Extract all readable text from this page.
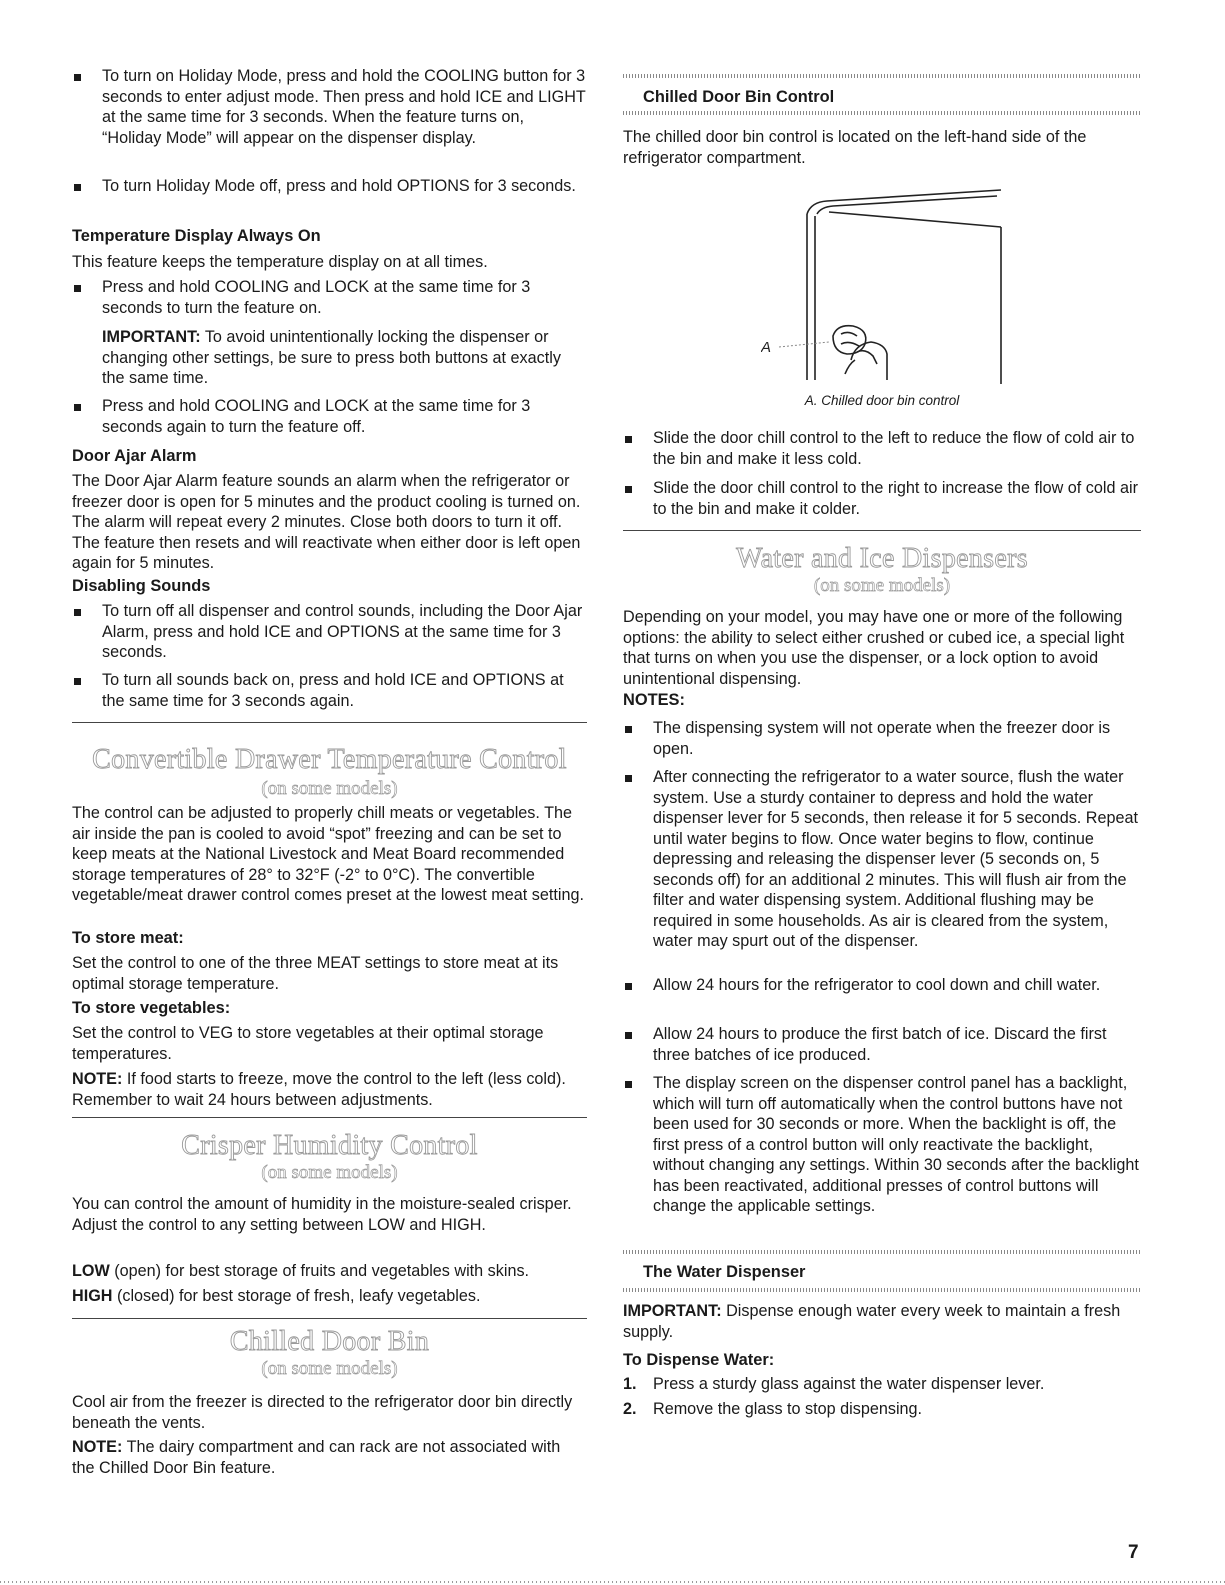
To turn on Holiday Mode, press and hold the COOLING button for 3 seconds to enter adjust mode. Then press and hold ICE and LIGHT at the same time for 3 seconds. When the feature turns on, “Holiday Mode” will appear on the dispenser display.
To turn Holiday Mode off, press and hold OPTIONS for 3 seconds.
Temperature Display Always On

This feature keeps the temperature display on at all times.

Press and hold COOLING and LOCK at the same time for 3 seconds to turn the feature on.
IMPORTANT: To avoid unintentionally locking the dispenser or changing other settings, be sure to press both buttons at exactly the same time.
Press and hold COOLING and LOCK at the same time for 3 seconds again to turn the feature off.
Door Ajar Alarm

The Door Ajar Alarm feature sounds an alarm when the refrigerator or freezer door is open for 5 minutes and the product cooling is turned on. The alarm will repeat every 2 minutes. Close both doors to turn it off. The feature then resets and will reactivate when either door is left open again for 5 minutes.

Disabling Sounds
To turn off all dispenser and control sounds, including the Door Ajar Alarm, press and hold ICE and OPTIONS at the same time for 3 seconds.
To turn all sounds back on, press and hold ICE and OPTIONS at the same time for 3 seconds again.
Convertible Drawer Temperature Control
(on some models)

The control can be adjusted to properly chill meats or vegetables. The air inside the pan is cooled to avoid “spot” freezing and can be set to keep meats at the National Livestock and Meat Board recommended storage temperatures of 28° to 32°F (-2° to 0°C). The convertible vegetable/meat drawer control comes preset at the lowest meat setting.

To store meat:

Set the control to one of the three MEAT settings to store meat at its optimal storage temperature.

To store vegetables:

Set the control to VEG to store vegetables at their optimal storage temperatures.

NOTE: If food starts to freeze, move the control to the left (less cold). Remember to wait 24 hours between adjustments.

Crisper Humidity Control
(on some models)

You can control the amount of humidity in the moisture-sealed crisper. Adjust the control to any setting between LOW and HIGH.

LOW (open) for best storage of fruits and vegetables with skins.

HIGH (closed) for best storage of fresh, leafy vegetables.

Chilled Door Bin
(on some models)

Cool air from the freezer is directed to the refrigerator door bin directly beneath the vents.

NOTE: The dairy compartment and can rack are not associated with the Chilled Door Bin feature.

Chilled Door Bin Control

The chilled door bin control is located on the left-hand side of the refrigerator compartment.

A
A. Chilled door bin control
Slide the door chill control to the left to reduce the flow of cold air to the bin and make it less cold.
Slide the door chill control to the right to increase the flow of cold air to the bin and make it colder.
Water and Ice Dispensers
(on some models)

Depending on your model, you may have one or more of the following options: the ability to select either crushed or cubed ice, a special light that turns on when you use the dispenser, or a lock option to avoid unintentional dispensing.

NOTES:
The dispensing system will not operate when the freezer door is open.
After connecting the refrigerator to a water source, flush the water system. Use a sturdy container to depress and hold the water dispenser lever for 5 seconds, then release it for 5 seconds. Repeat until water begins to flow. Once water begins to flow, continue depressing and releasing the dispenser lever (5 seconds on, 5 seconds off) for an additional 2 minutes. This will flush air from the filter and water dispensing system. Additional flushing may be required in some households. As air is cleared from the system, water may spurt out of the dispenser.
Allow 24 hours for the refrigerator to cool down and chill water.
Allow 24 hours to produce the first batch of ice. Discard the first three batches of ice produced.
The display screen on the dispenser control panel has a backlight, which will turn off automatically when the control buttons have not been used for 30 seconds or more. When the backlight is off, the first press of a control button will only reactivate the backlight, without changing any settings. Within 30 seconds after the backlight has been reactivated, additional presses of control buttons will change the applicable settings.
The Water Dispenser

IMPORTANT: Dispense enough water every week to maintain a fresh supply.

To Dispense Water:
1. Press a sturdy glass against the water dispenser lever.
2. Remove the glass to stop dispensing.
7
